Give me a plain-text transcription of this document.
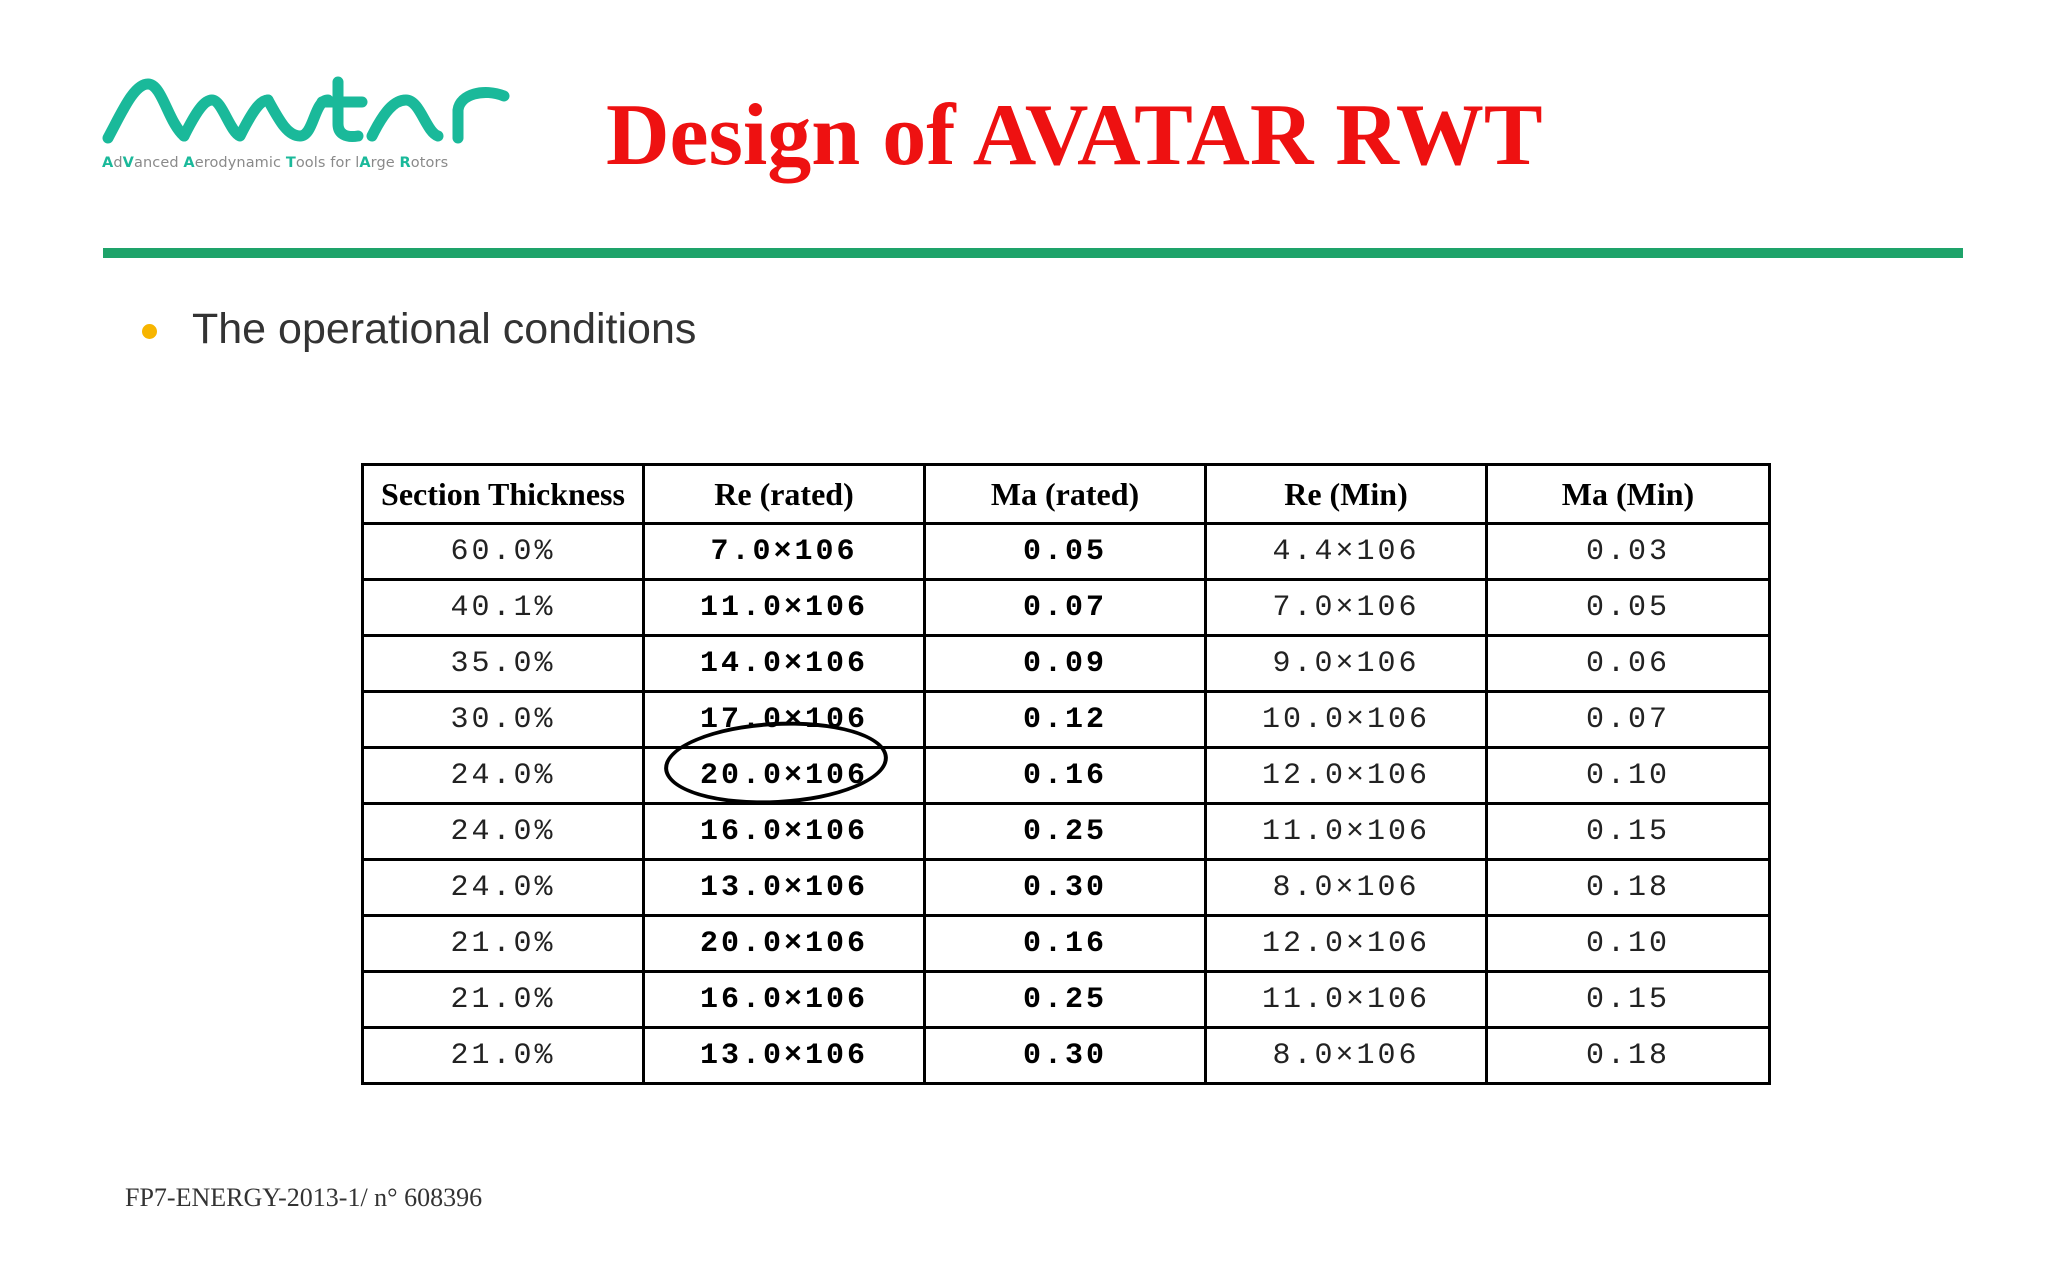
AdVanced Aerodynamic Tools for lArge Rotors Design of AVATAR RWT
The operational conditions
Section Thickness	Re (rated)	Ma (rated)	Re (Min)	Ma (Min)
60.0%	7.0×106	0.05	4.4×106	0.03
40.1%	11.0×106	0.07	7.0×106	0.05
35.0%	14.0×106	0.09	9.0×106	0.06
30.0%	17.0×106	0.12	10.0×106	0.07
24.0%	20.0×106	0.16	12.0×106	0.10
24.0%	16.0×106	0.25	11.0×106	0.15
24.0%	13.0×106	0.30	8.0×106	0.18
21.0%	20.0×106	0.16	12.0×106	0.10
21.0%	16.0×106	0.25	11.0×106	0.15
21.0%	13.0×106	0.30	8.0×106	0.18
FP7-ENERGY-2013-1/ n° 608396
